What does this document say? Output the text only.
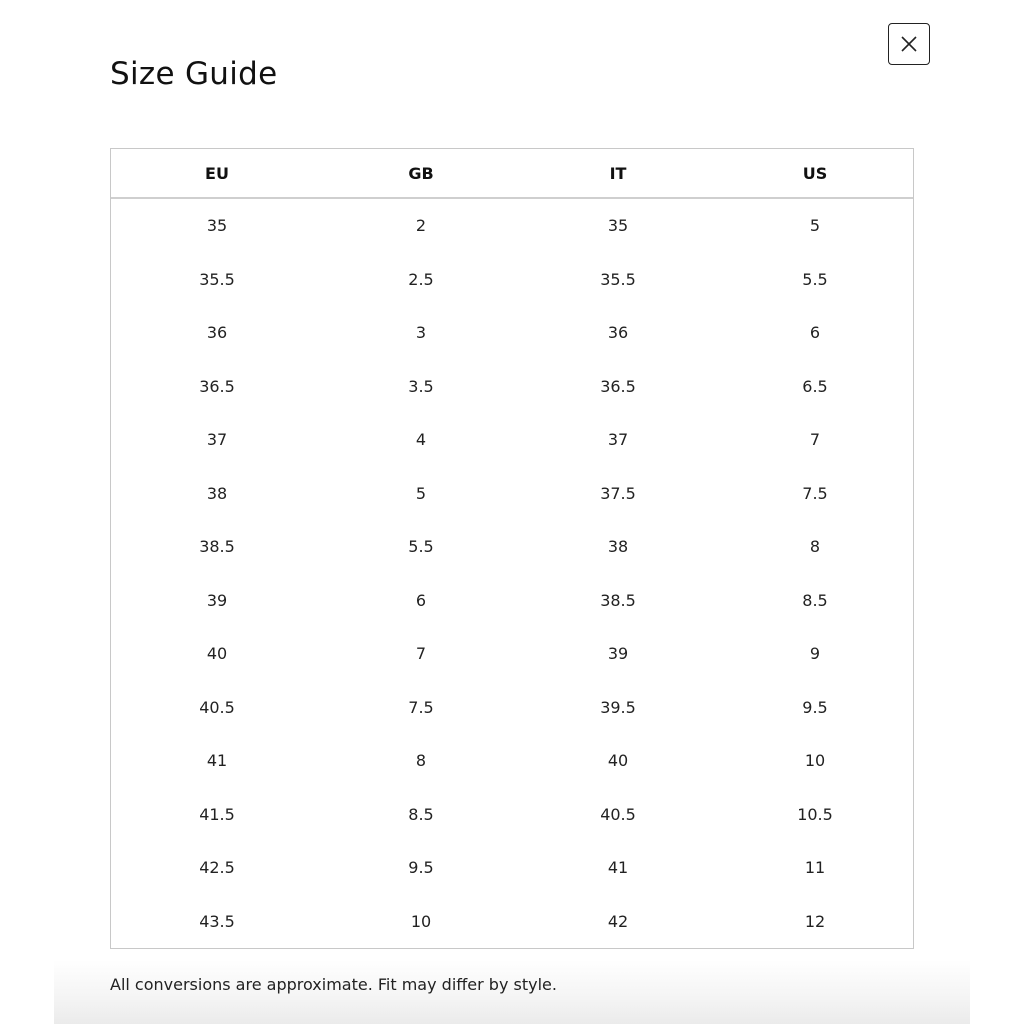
Size Guide
EU	GB	IT	US
35	2	35	5
35.5	2.5	35.5	5.5
36	3	36	6
36.5	3.5	36.5	6.5
37	4	37	7
38	5	37.5	7.5
38.5	5.5	38	8
39	6	38.5	8.5
40	7	39	9
40.5	7.5	39.5	9.5
41	8	40	10
41.5	8.5	40.5	10.5
42.5	9.5	41	11
43.5	10	42	12

All conversions are approximate. Fit may differ by style.
